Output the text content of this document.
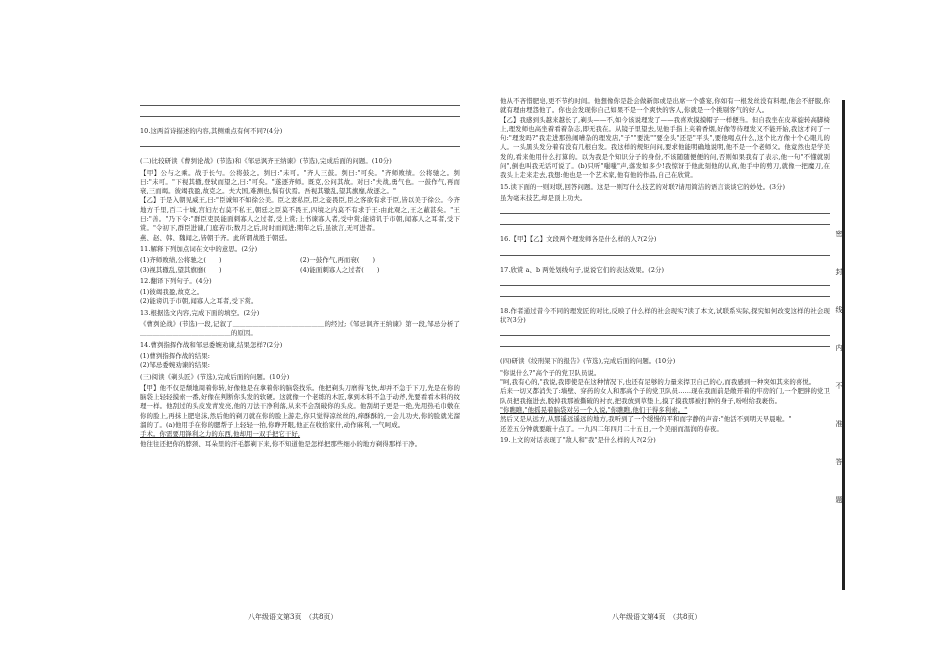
10.这两首诗描述的内容,其侧重点有何不同?(4分)

(二)比较研读《曹刿论战》(节选)和《邹忌讽齐王纳谏》(节选),完成后面的问题。(10分)

【甲】公与之乘。战于长勺。公将鼓之。刿曰:"未可。"齐人三鼓。刿曰:"可矣。"齐师败绩。公将驰之。刿曰:"未可。"下视其辙,登轼而望之,曰:"可矣。"遂逐齐师。既克,公问其故。对曰:"夫战,勇气也。一鼓作气,再而衰,三而竭。彼竭我盈,故克之。夫大国,难测也,惧有伏焉。吾视其辙乱,望其旗靡,故逐之。"

【乙】于是入朝见威王,曰:"臣诚知不如徐公美。臣之妻私臣,臣之妾畏臣,臣之客欲有求于臣,皆以美于徐公。今齐地方千里,百二十城,宫妇左右莫不私王,朝廷之臣莫不畏王,四境之内莫不有求于王:由此观之,王之蔽甚矣。"王曰:"善。"乃下令:"群臣吏民能面刺寡人之过者,受上赏;上书谏寡人者,受中赏;能谤讥于市朝,闻寡人之耳者,受下赏。"令初下,群臣进谏,门庭若市;数月之后,时时而间进;期年之后,虽欲言,无可进者。

燕、赵、韩、魏闻之,皆朝于齐。此所谓战胜于朝廷。

11.解释下列加点词在文中的意思。(2分)

(1)齐师败绩,公将驰之(　　)	(2)一鼓作气,再而衰(　　)

(3)视其辙乱,望其旗靡(　　)	(4)能面刺寡人之过者(　　)

12.翻译下列句子。(4分)

(1)彼竭我盈,故克之。

(2)能谤讥于市朝,闻寡人之耳者,受下赏。

13.根据选文内容,完成下面的填空。(2分)

《曹刿论战》(节选)一段,记叙了＿＿＿＿＿＿＿＿＿＿＿＿＿＿的经过;《邹忌讽齐王纳谏》第一段,邹忌分析了＿＿＿＿＿＿＿＿＿＿＿＿＿＿的原因。

14.曹刿指挥作战和邹忌委婉劝谏,结果怎样?(2分)

(1)曹刿指挥作战的结果:

(2)邹忌委婉劝谏的结果:

(三)阅读《剃头匠》(节选),完成后面的问题。(10分)

【甲】他不仅是颓地周着你转,好像他是在拿着你的脑袋找乐。他把剃头刀磨得飞快,却并不急于下刀,先是在你的脑袋上轻轻摸索一番,好像在判断你头发的软硬。这就像一个老练的木匠,拿到木料不急于动斧,先要看看木料的纹理一样。他刮过的头皮发青发亮,他的刀法干净利落,从来不会刮破你的头皮。他刮胡子更是一绝,先用热毛巾敷在你的脸上,再抹上肥皂沫,然后他的剃刀就在你的脸上游走,你只觉得凉丝丝的,痒酥酥的,一会儿功夫,你的脸就光溜溜的了。(a)他用手在你的腮帮子上轻轻一拍,你睁开眼,他正在收拾家什,动作麻利,一气呵成。

手术。你需要用锋利之力的东西,他却用一双手把它干好,

他往往还把你的脖颈、耳朵里的汗毛都剃下来,你不知道他是怎样把那些细小的地方剃得那样干净。

八年级语文第3页　（共8页）

他从不吝惜肥皂,更不节约时间。他想像你是赴会做新郎或是出席一个盛宴,你如有一根发丝没有料理,他会不舒服,你就有理由埋怨他了。你也会发现你自己如果不是一个爽快的客人,你就是一个挑剔客气的好人。

【乙】我感到头越来越长了,剃头——不,如今该说理发了——我喜欢摸摸帽子一样便当。但自我坐在皮革旋转高脚椅上,理发师也高坐着看着杂志,即无我在。从镜子里望去,见他手指上夹着香烟,好像等待理发又不能开始,我这才问了一句:"理发吗?"我走进那热闹嘈杂的理发店,"子""要洗""要全头"还是"平头",要他喝点什么,这个比方像十个心眼儿的人。一头黑头发分着有没有几根白发。我这样的规矩问问,要求他能明确地说明,他不是一个老师父。他竟然也是学美发的,看来他用什么打算的。以为我是个知识分子的身份,不该随随便便的问,否则如果我有了表示,他一句"不懂就别问",倒也叫我无话可说了。(b)只听"嗤嗤"声,落发如多少!我惊讶于他此刻他的认真,他手中的剪刀,就像一把魔刀,在我头上走来走去,我想:他也是一个艺术家,他有他的作品,自己在欣赏。

15.读下面的一则对联,回答问题。这是一则写什么技艺的对联?请用简洁的语言谈谈它的妙处。(3分)

虽为毫末技艺,却是顶上功夫。

16.【甲】【乙】文段两个理发师各是什么样的人?(2分)

17.欣赏 a、b 两处划线句子,说说它们的表达效果。(2分)

18.作者通过昔今不同的理发匠的对比,反映了什么样的社会现实?读了本文,试联系实际,探究如何改变这样的社会现状?(3分)

(四)研读《绞刑架下的报告》(节选),完成后面的问题。(10分)

"你说什么?"高个子的党卫队员说。

"呵,我有心的,"我说,我即使是在这种情况下,也还有足够的力量来捍卫自己的心,而我感到一种突如其来的喜悦。

后来一切又都消失了:墙壁、穿药的女人和那高个子的党卫队员……现在我面前是敞开着的牢房的门,一个肥胖的党卫队员把我拖进去,脱掉我那被撕破的衬衣,把我放到草垫上,摸了摸我那被打肿的身子,吩咐给我裹伤。

"你瞧瞧,"他摇晃着脑袋对另一个人说,"你瞧瞧,他们干得多利索。"

然后又是从远方,从那遥远遥远的地方,我听到了一个缓慢的平和而字静的声音:"他活不到明天早晨啦。"

还差五分钟就要敲十点了。一九四二年四月二十五日,一个美丽而温润的春夜。

19.上文的对话表现了"敌人和"我"是什么样的人?(2分)

八年级语文第4页　（共8页）
密
封
线
内
不
准
答
题
